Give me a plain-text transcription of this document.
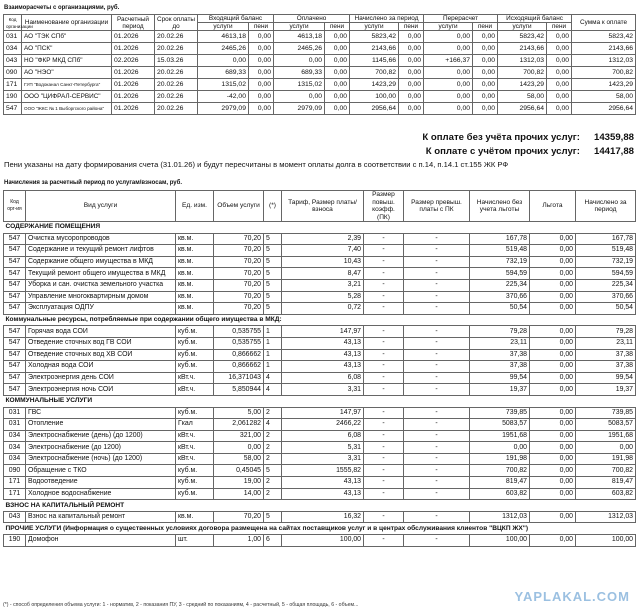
Взаиморасчеты с организациями, руб.
Код организации	Наименование организации	Расчетный период	Срок оплаты до	Входящий баланс		Оплачено		Начислено за период		Перерасчет		Исходящий баланс		Сумма к оплате
				услуги	пени	услуги	пени	услуги	пени	услуги	пени	услуги	пени	
031	АО "ТЭК СПб"	01.2026	20.02.26	4613,18	0,00	4613,18	0,00	5823,42	0,00	0,00	0,00	5823,42	0,00	5823,42
034	АО "ПСК"	01.2026	20.02.26	2465,26	0,00	2465,26	0,00	2143,66	0,00	0,00	0,00	2143,66	0,00	2143,66
043	НО "ФКР МКД СПб"	02.2026	15.03.26	0,00	0,00	0,00	0,00	1145,66	0,00	+166,37	0,00	1312,03	0,00	1312,03
090	АО "НЭО"	01.2026	20.02.26	689,33	0,00	689,33	0,00	700,82	0,00	0,00	0,00	700,82	0,00	700,82
171	ГУП "Водоканал Санкт-Петербурга"	01.2026	20.02.26	1315,02	0,00	1315,02	0,00	1423,29	0,00	0,00	0,00	1423,29	0,00	1423,29
190	ООО "ЦИФРАЛ-СЕРВИС"	01.2026	20.02.26	-42,00	0,00	0,00	0,00	100,00	0,00	0,00	0,00	58,00	0,00	58,00
547	ООО "ЖКС № 1 Выборгского района"	01.2026	20.02.26	2979,09	0,00	2979,09	0,00	2956,64	0,00	0,00	0,00	2956,64	0,00	2956,64
К оплате без учёта прочих услуг:	14359,88
К оплате с учётом прочих услуг:	14417,88
Пени указаны на дату формирования счета (31.01.26) и будут пересчитаны в момент оплаты долга в соответствии с п.14, п.14.1 ст.155 ЖК РФ
Начисления за расчетный период по услугам/взносам, руб.
Код орг-ия	Вид услуги	Ед. изм.	Объем услуги	(*)	Тариф, Размер платы/взноса	Размер повыш. коэфф. (ПК)	Размер превыш. платы с ПК	Начислено без учета льготы	Льгота	Начислено за период
СОДЕРЖАНИЕ ПОМЕЩЕНИЯ										
547	Очистка мусоропроводов	кв.м.	70,20	5	2,39	-	-	167,78	0,00	167,78
547	Содержание и текущий ремонт лифтов	кв.м.	70,20	5	7,40	-	-	519,48	0,00	519,48
547	Содержание общего имущества в МКД	кв.м.	70,20	5	10,43	-	-	732,19	0,00	732,19
547	Текущий ремонт общего имущества в МКД	кв.м.	70,20	5	8,47	-	-	594,59	0,00	594,59
547	Уборка и сан. очистка земельного участка	кв.м.	70,20	5	3,21	-	-	225,34	0,00	225,34
547	Управление многоквартирным домом	кв.м.	70,20	5	5,28	-	-	370,66	0,00	370,66
547	Эксплуатация ОДПУ	кв.м.	70,20	5	0,72	-	-	50,54	0,00	50,54
Коммунальные ресурсы, потребляемые при содержании общего имущества в МКД:										
547	Горячая вода СОИ	куб.м.	0,535755	1	147,97	-	-	79,28	0,00	79,28
547	Отведение сточных вод ГВ СОИ	куб.м.	0,535755	1	43,13	-	-	23,11	0,00	23,11
547	Отведение сточных вод ХВ СОИ	куб.м.	0,866662	1	43,13	-	-	37,38	0,00	37,38
547	Холодная вода СОИ	куб.м.	0,866662	1	43,13	-	-	37,38	0,00	37,38
547	Электроэнергия день СОИ	кВт.ч.	16,371043	4	6,08	-	-	99,54	0,00	99,54
547	Электроэнергия ночь СОИ	кВт.ч.	5,850944	4	3,31	-	-	19,37	0,00	19,37
КОММУНАЛЬНЫЕ УСЛУГИ										
031	ГВС	куб.м.	5,00	2	147,97	-	-	739,85	0,00	739,85
031	Отопление	Гкал	2,061282	4	2466,22	-	-	5083,57	0,00	5083,57
034	Электроснабжение (день) (до 1200)	кВт.ч.	321,00	2	6,08	-	-	1951,68	0,00	1951,68
034	Электроснабжение (до 1200)	кВт.ч.	0,00	2	5,31	-	-	0,00	0,00	0,00
034	Электроснабжение (ночь) (до 1200)	кВт.ч.	58,00	2	3,31	-	-	191,98	0,00	191,98
090	Обращение с ТКО	куб.м.	0,45045	5	1555,82	-	-	700,82	0,00	700,82
171	Водоотведение	куб.м.	19,00	2	43,13	-	-	819,47	0,00	819,47
171	Холодное водоснабжение	куб.м.	14,00	2	43,13	-	-	603,82	0,00	603,82
ВЗНОС НА КАПИТАЛЬНЫЙ РЕМОНТ										
043	Взнос на капитальный ремонт	кв.м.	70,20	5	16,32	-	-	1312,03	0,00	1312,03
ПРОЧИЕ УСЛУГИ (Информация о существенных условиях договора размещена на сайтах поставщиков услуг и в центрах обслуживания клиентов "ВЦКП ЖХ")										
190	Домофон	шт.	1,00	6	100,00	-	-	100,00	0,00	100,00
YAPLAKAL.COM
(*) - способ определения объема услуги: 1 - норматив, 2 - показания ПУ, 3 - средний по показаниям, 4 - расчетный, 5 - общая площадь, 6 - объем...
